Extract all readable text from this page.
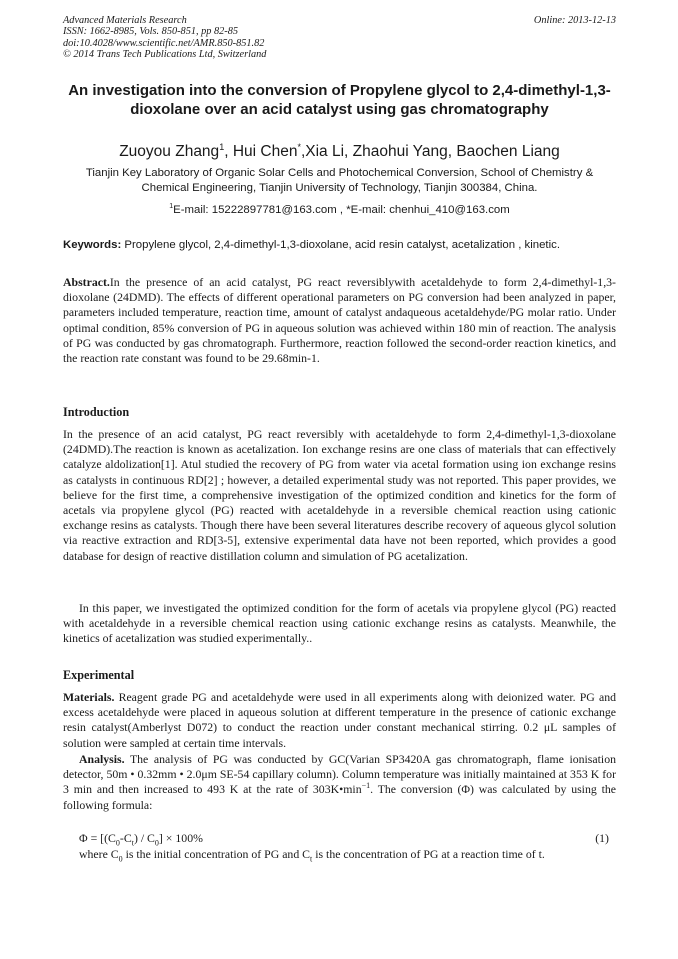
Advanced Materials Research
ISSN: 1662-8985, Vols. 850-851, pp 82-85
doi:10.4028/www.scientific.net/AMR.850-851.82
© 2014 Trans Tech Publications Ltd, Switzerland
Online: 2013-12-13
An investigation into the conversion of Propylene glycol to 2,4-dimethyl-1,3-dioxolane over an acid catalyst using gas chromatography
Zuoyou Zhang$^1$, Hui Chen*,Xia Li, Zhaohui Yang, Baochen Liang
Tianjin Key Laboratory of Organic Solar Cells and Photochemical Conversion, School of Chemistry & Chemical Engineering, Tianjin University of Technology, Tianjin 300384, China.
$^1$E-mail: 15222897781@163.com , *E-mail: chenhui_410@163.com
Keywords: Propylene glycol, 2,4-dimethyl-1,3-dioxolane, acid resin catalyst, acetalization , kinetic.
Abstract.In the presence of an acid catalyst, PG react reversiblywith acetaldehyde to form 2,4-dimethyl-1,3-dioxolane (24DMD). The effects of different operational parameters on PG conversion had been analyzed in paper, parameters included temperature, reaction time, amount of catalyst andaqueous acetaldehyde/PG molar ratio. Under optimal condition, 85% conversion of PG in aqueous solution was achieved within 180 min of reaction. The analysis of PG was conducted by gas chromatograph. Furthermore, reaction followed the second-order reaction kinetics, and the reaction rate constant was found to be 29.68min-1.
Introduction
In the presence of an acid catalyst, PG react reversibly with acetaldehyde to form 2,4-dimethyl-1,3-dioxolane (24DMD).The reaction is known as acetalization. Ion exchange resins are one class of materials that can effectively catalyze aldolization[1]. Atul studied the recovery of PG from water via acetal formation using ion exchange resins as catalysts in continuous RD[2] ; however, a detailed experimental study was not reported. This paper provides, we believe for the first time, a comprehensive investigation of the optimized condition and kinetics for the form of acetals via propylene glycol (PG) reacted with acetaldehyde in a reversible chemical reaction using cationic exchange resins as catalysts. Though there have been several literatures describe recovery of aqueous glycol solution via reactive extraction and RD[3-5], extensive experimental data have not been reported, which provides a good database for design of reactive distillation column and simulation of PG acetalization.
In this paper, we investigated the optimized condition for the form of acetals via propylene glycol (PG) reacted with acetaldehyde in a reversible chemical reaction using cationic exchange resins as catalysts. Meanwhile, the kinetics of acetalization was studied experimentally..
Experimental
Materials. Reagent grade PG and acetaldehyde were used in all experiments along with deionized water. PG and excess acetaldehyde were placed in aqueous solution at different temperature in the presence of cationic exchange resin catalyst(Amberlyst D072) to conduct the reaction under constant mechanical stirring. 0.2 μL samples of solution were sampled at certain time intervals.
Analysis. The analysis of PG was conducted by GC(Varian SP3420A gas chromatograph, flame ionisation detector, 50m • 0.32mm • 2.0μm SE-54 capillary column). Column temperature was initially maintained at 353 K for 3 min and then increased to 493 K at the rate of $303K•\min^{-1}$. The conversion (Φ) was calculated by using the following formula:
$\Phi = [(C_0-C_t) / C_0] \times 100\%$	(1)
where $C_0$ is the initial concentration of PG and $C_t$ is the concentration of PG at a reaction time of t.
